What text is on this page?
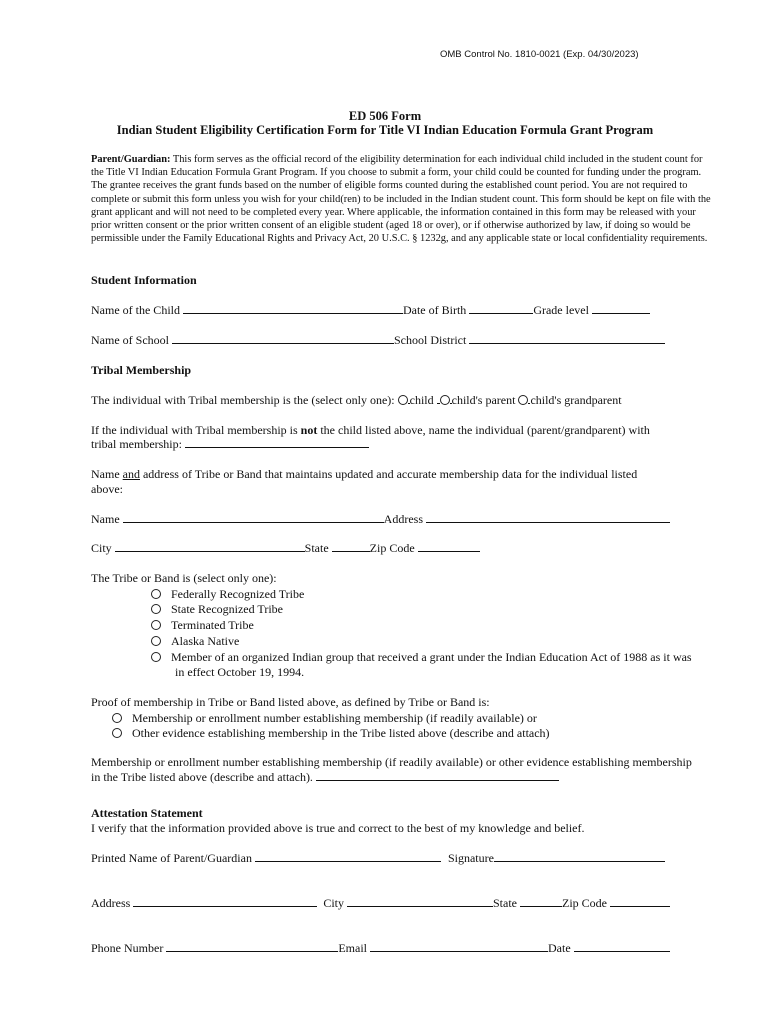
OMB Control No. 1810-0021 (Exp. 04/30/2023)
ED 506 Form
Indian Student Eligibility Certification Form for Title VI Indian Education Formula Grant Program
Parent/Guardian: This form serves as the official record of the eligibility determination for each individual child included in the student count for the Title VI Indian Education Formula Grant Program. If you choose to submit a form, your child could be counted for funding under the program. The grantee receives the grant funds based on the number of eligible forms counted during the established count period. You are not required to complete or submit this form unless you wish for your child(ren) to be included in the Indian student count. This form should be kept on file with the grant applicant and will not need to be completed every year. Where applicable, the information contained in this form may be released with your prior written consent or the prior written consent of an eligible student (aged 18 or over), or if otherwise authorized by law, if doing so would be permissible under the Family Educational Rights and Privacy Act, 20 U.S.C. § 1232g, and any applicable state or local confidentiality requirements.
Student Information
Name of the Child	Date of Birth	Grade level
Name of School	School District
Tribal Membership
The individual with Tribal membership is the (select only one): child child's parent child's grandparent
If the individual with Tribal membership is not the child listed above, name the individual (parent/grandparent) with
tribal membership:
Name and address of Tribe or Band that maintains updated and accurate membership data for the individual listed
above:
Name	Address
City	State	Zip Code
The Tribe or Band is (select only one):
Federally Recognized Tribe
State Recognized Tribe
Terminated Tribe
Alaska Native
Member of an organized Indian group that received a grant under the Indian Education Act of 1988 as it was
in effect October 19, 1994.
Proof of membership in Tribe or Band listed above, as defined by Tribe or Band is:
Membership or enrollment number establishing membership (if readily available) or
Other evidence establishing membership in the Tribe listed above (describe and attach)
Membership or enrollment number establishing membership (if readily available) or other evidence establishing membership
in the Tribe listed above (describe and attach).
Attestation Statement
I verify that the information provided above is true and correct to the best of my knowledge and belief.
Printed Name of Parent/Guardian	Signature
Address	City	State	Zip Code
Phone Number	Email	Date
